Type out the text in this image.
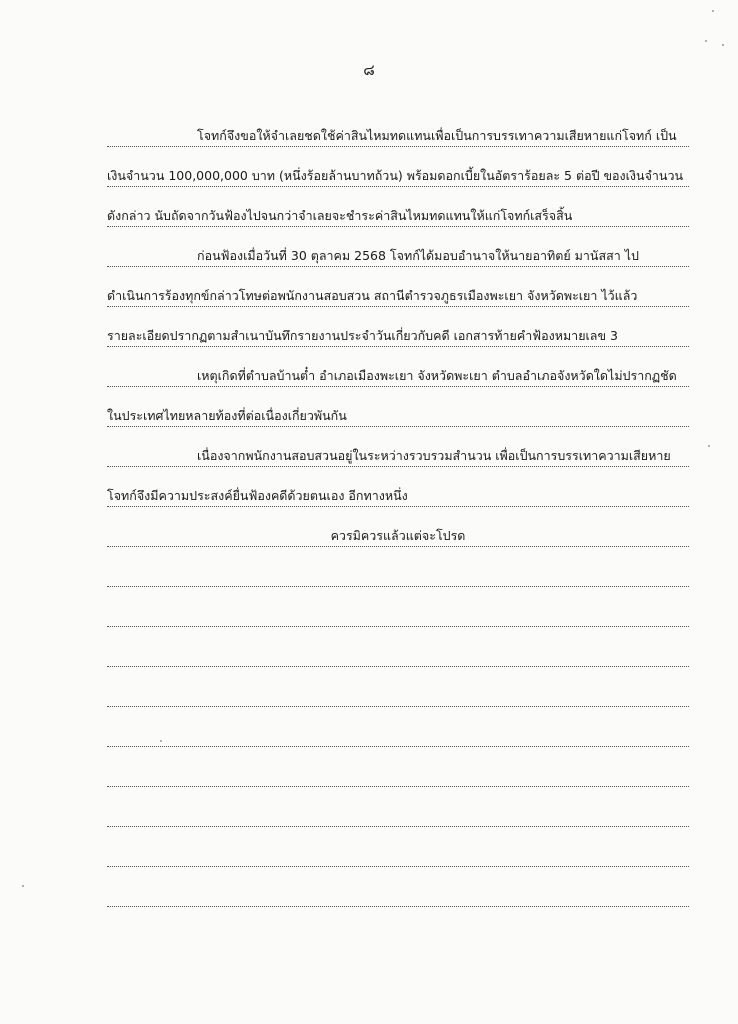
๘
โจทก์จึงขอให้จำเลยชดใช้ค่าสินไหมทดแทนเพื่อเป็นการบรรเทาความเสียหายแก่โจทก์ เป็น
เงินจำนวน 100,000,000 บาท (หนึ่งร้อยล้านบาทถ้วน) พร้อมดอกเบี้ยในอัตราร้อยละ 5 ต่อปี ของเงินจำนวน
ดังกล่าว นับถัดจากวันฟ้องไปจนกว่าจำเลยจะชำระค่าสินไหมทดแทนให้แก่โจทก์เสร็จสิ้น
ก่อนฟ้องเมื่อวันที่ 30 ตุลาคม 2568 โจทก์ได้มอบอำนาจให้นายอาทิตย์ มานัสสา ไป
ดำเนินการร้องทุกข์กล่าวโทษต่อพนักงานสอบสวน สถานีตำรวจภูธรเมืองพะเยา จังหวัดพะเยา ไว้แล้ว
รายละเอียดปรากฏตามสำเนาบันทึกรายงานประจำวันเกี่ยวกับคดี เอกสารท้ายคำฟ้องหมายเลข 3
เหตุเกิดที่ตำบลบ้านต๋ำ อำเภอเมืองพะเยา จังหวัดพะเยา ตำบลอำเภอจังหวัดใดไม่ปรากฏชัด
ในประเทศไทยหลายท้องที่ต่อเนื่องเกี่ยวพันกัน
เนื่องจากพนักงานสอบสวนอยู่ในระหว่างรวบรวมสำนวน เพื่อเป็นการบรรเทาความเสียหาย
โจทก์จึงมีความประสงค์ยื่นฟ้องคดีด้วยตนเอง อีกทางหนึ่ง
ควรมิควรแล้วแต่จะโปรด
